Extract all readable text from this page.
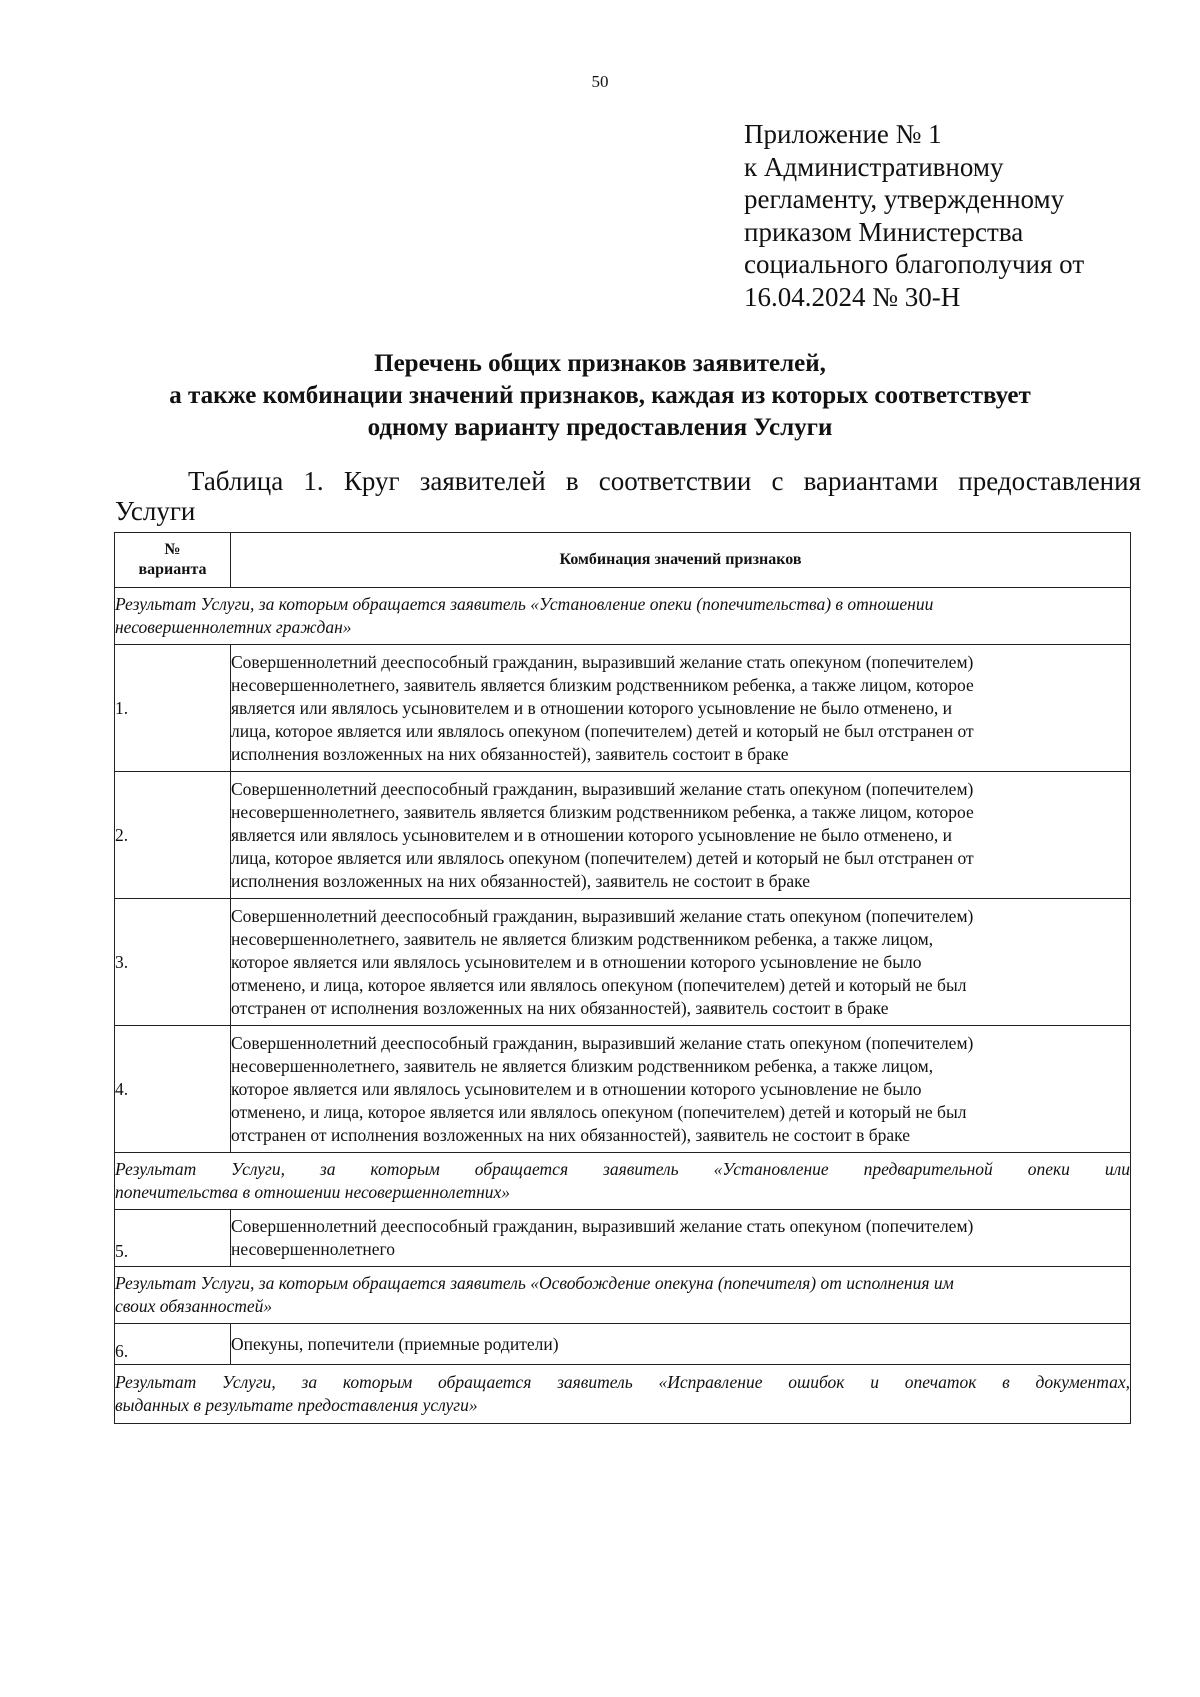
50
Приложение № 1
к Административному
регламенту, утвержденному
приказом Министерства
социального благополучия от
16.04.2024 № 30-Н
Перечень общих признаков заявителей,
а также комбинации значений признаков, каждая из которых соответствует
одному варианту предоставления Услуги
Таблица 1. Круг заявителей в соответствии с вариантами предоставления
Услуги
№
варианта	Комбинация значений признаков

Результат Услуги, за которым обращается заявитель «Установление опеки (попечительства) в отношении
несовершеннолетних граждан»	

1.	Совершеннолетний дееспособный гражданин, выразивший желание стать опекуном (попечителем)
несовершеннолетнего, заявитель является близким родственником ребенка, а также лицом, которое
является или являлось усыновителем и в отношении которого усыновление не было отменено, и
лица, которое является или являлось опекуном (попечителем) детей и который не был отстранен от
исполнения возложенных на них обязанностей), заявитель состоит в браке

2.	Совершеннолетний дееспособный гражданин, выразивший желание стать опекуном (попечителем)
несовершеннолетнего, заявитель является близким родственником ребенка, а также лицом, которое
является или являлось усыновителем и в отношении которого усыновление не было отменено, и
лица, которое является или являлось опекуном (попечителем) детей и который не был отстранен от
исполнения возложенных на них обязанностей), заявитель не состоит в браке

3.	Совершеннолетний дееспособный гражданин, выразивший желание стать опекуном (попечителем)
несовершеннолетнего, заявитель не является близким родственником ребенка, а также лицом,
которое является или являлось усыновителем и в отношении которого усыновление не было
отменено, и лица, которое является или являлось опекуном (попечителем) детей и который не был
отстранен от исполнения возложенных на них обязанностей), заявитель состоит в браке

4.	Совершеннолетний дееспособный гражданин, выразивший желание стать опекуном (попечителем)
несовершеннолетнего, заявитель не является близким родственником ребенка, а также лицом,
которое является или являлось усыновителем и в отношении которого усыновление не было
отменено, и лица, которое является или являлось опекуном (попечителем) детей и который не был
отстранен от исполнения возложенных на них обязанностей), заявитель не состоит в браке

Результат Услуги, за которым обращается заявитель «Установление предварительной опеки или
попечительства в отношении несовершеннолетних»	

5.	Совершеннолетний дееспособный гражданин, выразивший желание стать опекуном (попечителем)
несовершеннолетнего

Результат Услуги, за которым обращается заявитель «Освобождение опекуна (попечителя) от исполнения им
своих обязанностей»	

6.	Опекуны, попечители (приемные родители)

Результат Услуги, за которым обращается заявитель «Исправление ошибок и опечаток в документах,
выданных в результате предоставления услуги»	
